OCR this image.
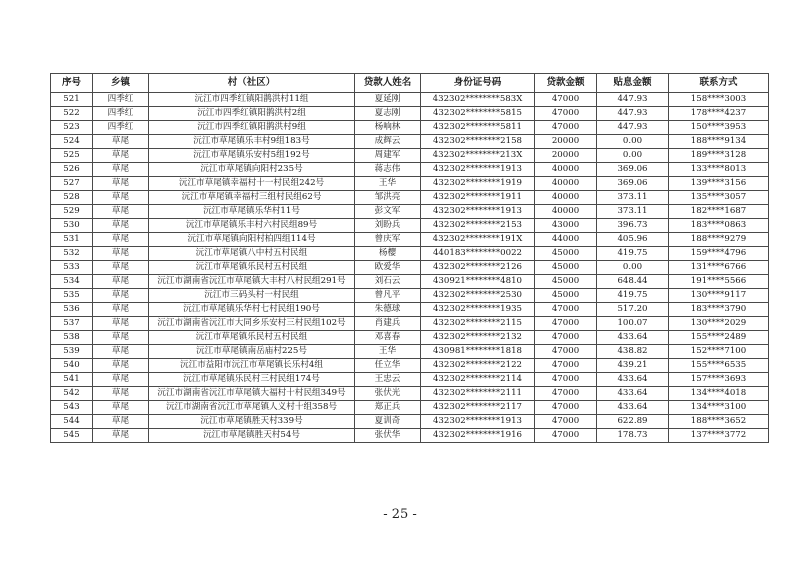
序号	乡镇	村（社区）	贷款人姓名	身份证号码	贷款金额	贴息金额	联系方式
521	四季红	沅江市四季红镇阳鹊洪村11组	夏延刚	432302********583X	47000	447.93	158****3003
522	四季红	沅江市四季红镇阳鹊洪村2组	夏志刚	432302********5815	47000	447.93	178****4237
523	四季红	沅江市四季红镇阳鹊洪村9组	杨响林	432302********5811	47000	447.93	150****3953
524	草尾	沅江市草尾镇乐丰村9组183号	成辉云	432302********2158	20000	0.00	188****9134
525	草尾	沅江市草尾镇乐安村5组192号	周建军	432302********213X	20000	0.00	189****3128
526	草尾	沅江市草尾镇向阳村235号	蒋志伟	432302********1913	40000	369.06	133****8013
527	草尾	沅江市草尾镇幸福村十一村民组242号	王华	432302********1919	40000	369.06	139****3156
528	草尾	沅江市草尾镇幸福村三组村民组62号	邹洪亮	432302********1911	40000	373.11	135****3057
529	草尾	沅江市草尾镇乐华村11号	彭文军	432302********1913	40000	373.11	182****1687
530	草尾	沅江市草尾镇乐丰村六村民组89号	刘盼兵	432302********2153	43000	396.73	183****0863
531	草尾	沅江市草尾镇向阳村柏四组114号	曾庆军	432302********191X	44000	405.96	188****9279
532	草尾	沅江市草尾镇八中村五村民组	杨樱	440183********0022	45000	419.75	159****4796
533	草尾	沅江市草尾镇乐民村五村民组	欧爱华	432302********2126	45000	0.00	131****6766
534	草尾	沅江市湖南省沅江市草尾镇大丰村八村民组291号	刘石云	430921********4810	45000	648.44	191****5566
535	草尾	沅江市三码头村一村民组	曾凡平	432302********2530	45000	419.75	130****9117
536	草尾	沅江市草尾镇乐华村七村民组190号	朱德球	432302********1935	47000	517.20	183****3790
537	草尾	沅江市湖南省沅江市大同乡乐安村三村民组102号	肖建兵	432302********2115	47000	100.07	130****2029
538	草尾	沅江市草尾镇乐民村五村民组	邓喜春	432302********2132	47000	433.64	155****2489
539	草尾	沅江市草尾镇南岳庙村225号	王华	430981********1818	47000	438.82	152****7100
540	草尾	沅江市益阳市沅江市草尾镇长乐村4组	任立华	432302********2122	47000	439.21	155****6535
541	草尾	沅江市草尾镇乐民村三村民组174号	王忠云	432302********2114	47000	433.64	157****3693
542	草尾	沅江市湖南省沅江市草尾镇大福村十村民组349号	张伏光	432302********2111	47000	433.64	134****4018
543	草尾	沅江市湖南省沅江市草尾镇人义村十组358号	郑正兵	432302********2117	47000	433.64	134****3100
544	草尾	沅江市草尾镇胜天村339号	夏训奇	432302********1913	47000	622.89	188****3652
545	草尾	沅江市草尾镇胜天村54号	张伏华	432302********1916	47000	178.73	137****3772
- 25 -
